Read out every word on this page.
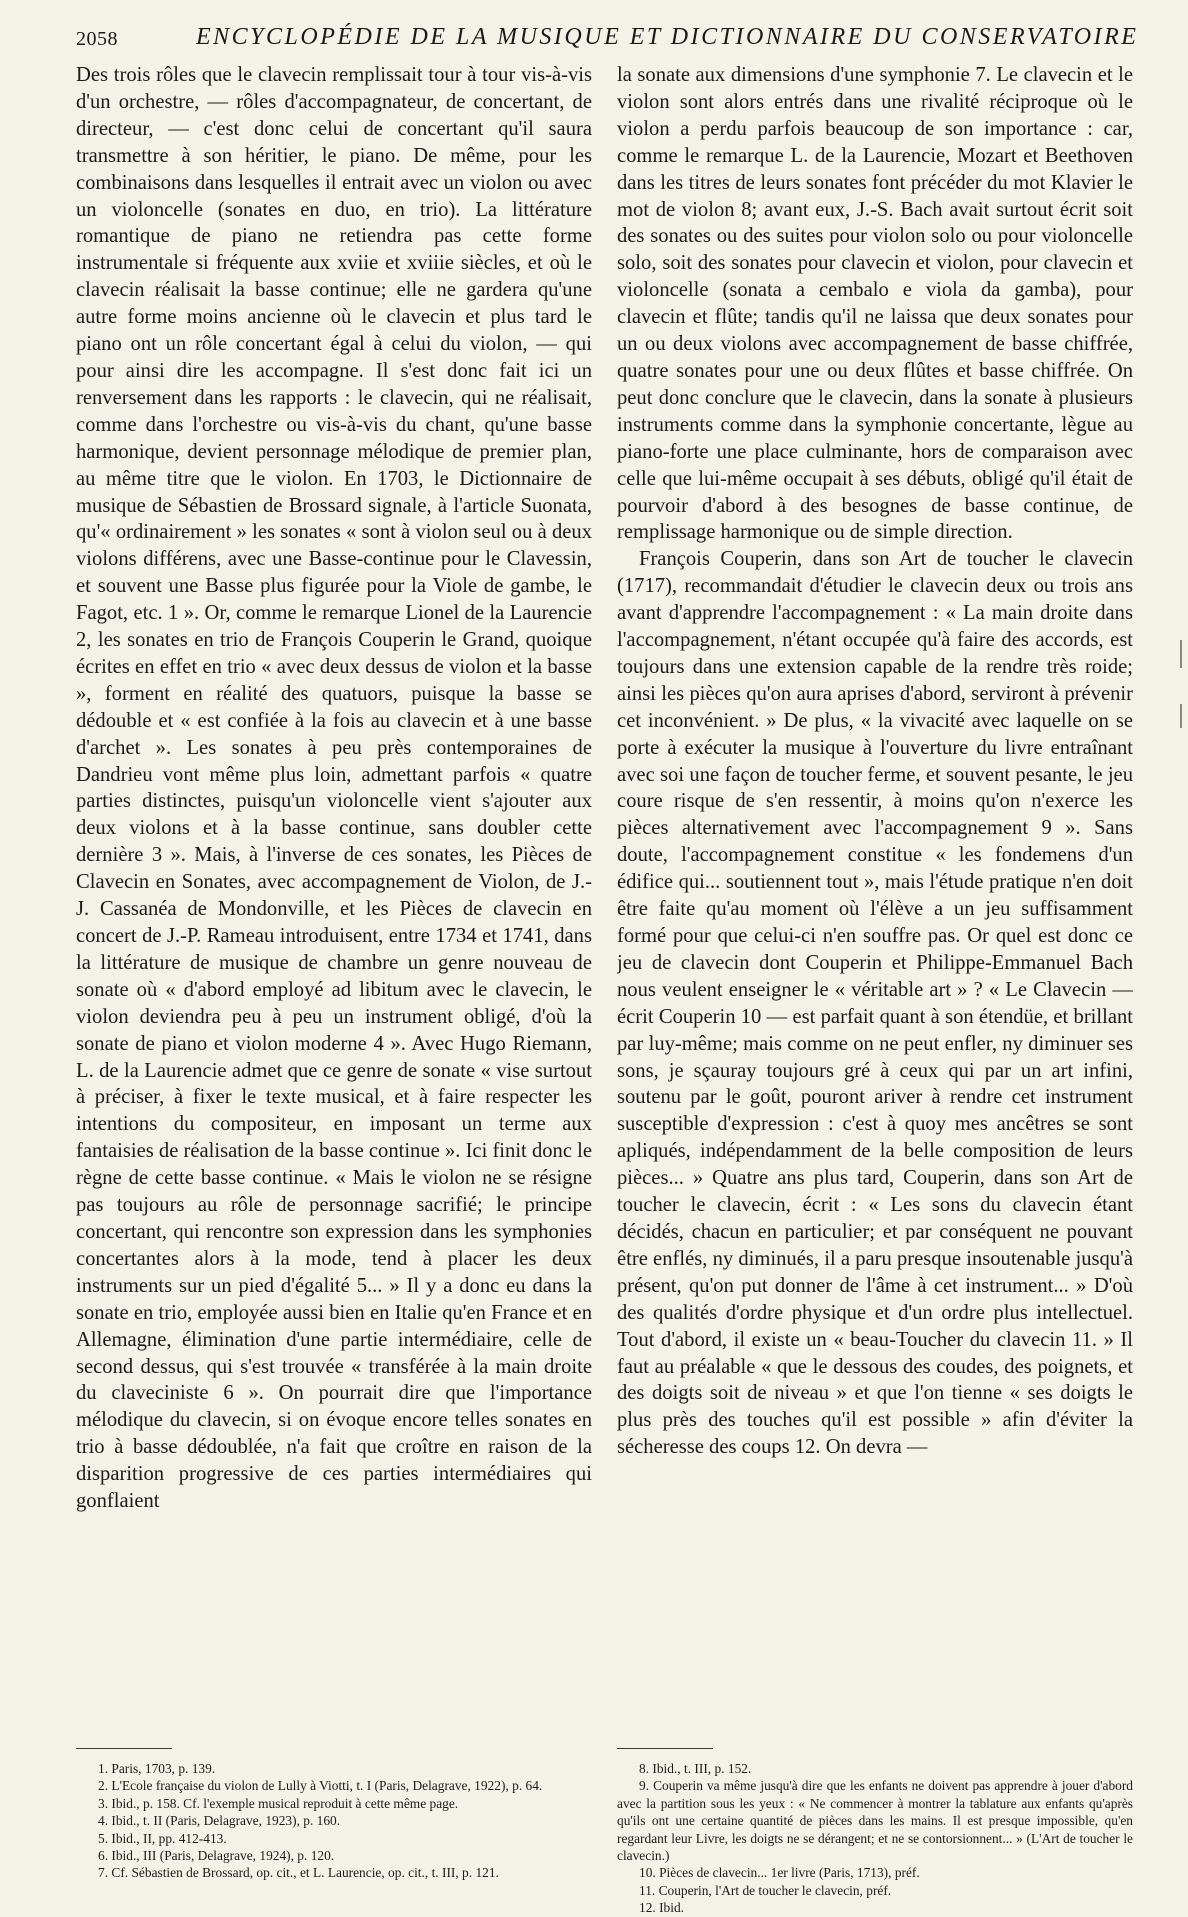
2058	ENCYCLOPÉDIE DE LA MUSIQUE ET DICTIONNAIRE DU CONSERVATOIRE

Des trois rôles que le clavecin remplissait tour à tour vis-à-vis d'un orchestre, — rôles d'accompagnateur, de concertant, de directeur, — c'est donc celui de concertant qu'il saura transmettre à son héritier, le piano. De même, pour les combinaisons dans lesquelles il entrait avec un violon ou avec un violoncelle (sonates en duo, en trio). La littérature romantique de piano ne retiendra pas cette forme instrumentale si fréquente aux xviie et xviiie siècles, et où le clavecin réalisait la basse continue; elle ne gardera qu'une autre forme moins ancienne où le clavecin et plus tard le piano ont un rôle concertant égal à celui du violon, — qui pour ainsi dire les accompagne. Il s'est donc fait ici un renversement dans les rapports : le clavecin, qui ne réalisait, comme dans l'orchestre ou vis-à-vis du chant, qu'une basse harmonique, devient personnage mélodique de premier plan, au même titre que le violon. En 1703, le Dictionnaire de musique de Sébastien de Brossard signale, à l'article Suonata, qu'« ordinairement » les sonates « sont à violon seul ou à deux violons différens, avec une Basse-continue pour le Clavessin, et souvent une Basse plus figurée pour la Viole de gambe, le Fagot, etc. 1 ». Or, comme le remarque Lionel de la Laurencie 2, les sonates en trio de François Couperin le Grand, quoique écrites en effet en trio « avec deux dessus de violon et la basse », forment en réalité des quatuors, puisque la basse se dédouble et « est confiée à la fois au clavecin et à une basse d'archet ». Les sonates à peu près contemporaines de Dandrieu vont même plus loin, admettant parfois « quatre parties distinctes, puisqu'un violoncelle vient s'ajouter aux deux violons et à la basse continue, sans doubler cette dernière 3 ». Mais, à l'inverse de ces sonates, les Pièces de Clavecin en Sonates, avec accompagnement de Violon, de J.-J. Cassanéa de Mondonville, et les Pièces de clavecin en concert de J.-P. Rameau introduisent, entre 1734 et 1741, dans la littérature de musique de chambre un genre nouveau de sonate où « d'abord employé ad libitum avec le clavecin, le violon deviendra peu à peu un instrument obligé, d'où la sonate de piano et violon moderne 4 ». Avec Hugo Riemann, L. de la Laurencie admet que ce genre de sonate « vise surtout à préciser, à fixer le texte musical, et à faire respecter les intentions du compositeur, en imposant un terme aux fantaisies de réalisation de la basse continue ». Ici finit donc le règne de cette basse continue. « Mais le violon ne se résigne pas toujours au rôle de personnage sacrifié; le principe concertant, qui rencontre son expression dans les symphonies concertantes alors à la mode, tend à placer les deux instruments sur un pied d'égalité 5... » Il y a donc eu dans la sonate en trio, employée aussi bien en Italie qu'en France et en Allemagne, élimination d'une partie intermédiaire, celle de second dessus, qui s'est trouvée « transférée à la main droite du claveciniste 6 ». On pourrait dire que l'importance mélodique du clavecin, si on évoque encore telles sonates en trio à basse dédoublée, n'a fait que croître en raison de la disparition progressive de ces parties intermédiaires qui gonflaient

la sonate aux dimensions d'une symphonie 7. Le clavecin et le violon sont alors entrés dans une rivalité réciproque où le violon a perdu parfois beaucoup de son importance : car, comme le remarque L. de la Laurencie, Mozart et Beethoven dans les titres de leurs sonates font précéder du mot Klavier le mot de violon 8; avant eux, J.-S. Bach avait surtout écrit soit des sonates ou des suites pour violon solo ou pour violoncelle solo, soit des sonates pour clavecin et violon, pour clavecin et violoncelle (sonata a cembalo e viola da gamba), pour clavecin et flûte; tandis qu'il ne laissa que deux sonates pour un ou deux violons avec accompagnement de basse chiffrée, quatre sonates pour une ou deux flûtes et basse chiffrée. On peut donc conclure que le clavecin, dans la sonate à plusieurs instruments comme dans la symphonie concertante, lègue au piano-forte une place culminante, hors de comparaison avec celle que lui-même occupait à ses débuts, obligé qu'il était de pourvoir d'abord à des besognes de basse continue, de remplissage harmonique ou de simple direction.

François Couperin, dans son Art de toucher le clavecin (1717), recommandait d'étudier le clavecin deux ou trois ans avant d'apprendre l'accompagnement : « La main droite dans l'accompagnement, n'étant occupée qu'à faire des accords, est toujours dans une extension capable de la rendre très roide; ainsi les pièces qu'on aura aprises d'abord, serviront à prévenir cet inconvénient. » De plus, « la vivacité avec laquelle on se porte à exécuter la musique à l'ouverture du livre entraînant avec soi une façon de toucher ferme, et souvent pesante, le jeu coure risque de s'en ressentir, à moins qu'on n'exerce les pièces alternativement avec l'accompagnement 9 ». Sans doute, l'accompagnement constitue « les fondemens d'un édifice qui... soutiennent tout », mais l'étude pratique n'en doit être faite qu'au moment où l'élève a un jeu suffisamment formé pour que celui-ci n'en souffre pas. Or quel est donc ce jeu de clavecin dont Couperin et Philippe-Emmanuel Bach nous veulent enseigner le « véritable art » ? « Le Clavecin — écrit Couperin 10 — est parfait quant à son étendüe, et brillant par luy-même; mais comme on ne peut enfler, ny diminuer ses sons, je sçauray toujours gré à ceux qui par un art infini, soutenu par le goût, pouront ariver à rendre cet instrument susceptible d'expression : c'est à quoy mes ancêtres se sont apliqués, indépendamment de la belle composition de leurs pièces... » Quatre ans plus tard, Couperin, dans son Art de toucher le clavecin, écrit : « Les sons du clavecin étant décidés, chacun en particulier; et par conséquent ne pouvant être enflés, ny diminués, il a paru presque insoutenable jusqu'à présent, qu'on put donner de l'âme à cet instrument... » D'où des qualités d'ordre physique et d'un ordre plus intellectuel. Tout d'abord, il existe un « beau-Toucher du clavecin 11. » Il faut au préalable « que le dessous des coudes, des poignets, et des doigts soit de niveau » et que l'on tienne « ses doigts le plus près des touches qu'il est possible » afin d'éviter la sécheresse des coups 12. On devra —

1. Paris, 1703, p. 139.

2. L'Ecole française du violon de Lully à Viotti, t. I (Paris, Delagrave, 1922), p. 64.

3. Ibid., p. 158. Cf. l'exemple musical reproduit à cette même page.

4. Ibid., t. II (Paris, Delagrave, 1923), p. 160.

5. Ibid., II, pp. 412-413.

6. Ibid., III (Paris, Delagrave, 1924), p. 120.

7. Cf. Sébastien de Brossard, op. cit., et L. Laurencie, op. cit., t. III, p. 121.

8. Ibid., t. III, p. 152.

9. Couperin va même jusqu'à dire que les enfants ne doivent pas apprendre à jouer d'abord avec la partition sous les yeux : « Ne commencer à montrer la tablature aux enfants qu'après qu'ils ont une certaine quantité de pièces dans les mains. Il est presque impossible, qu'en regardant leur Livre, les doigts ne se dérangent; et ne se contorsionnent... » (L'Art de toucher le clavecin.)

10. Pièces de clavecin... 1er livre (Paris, 1713), préf.

11. Couperin, l'Art de toucher le clavecin, préf.

12. Ibid.
